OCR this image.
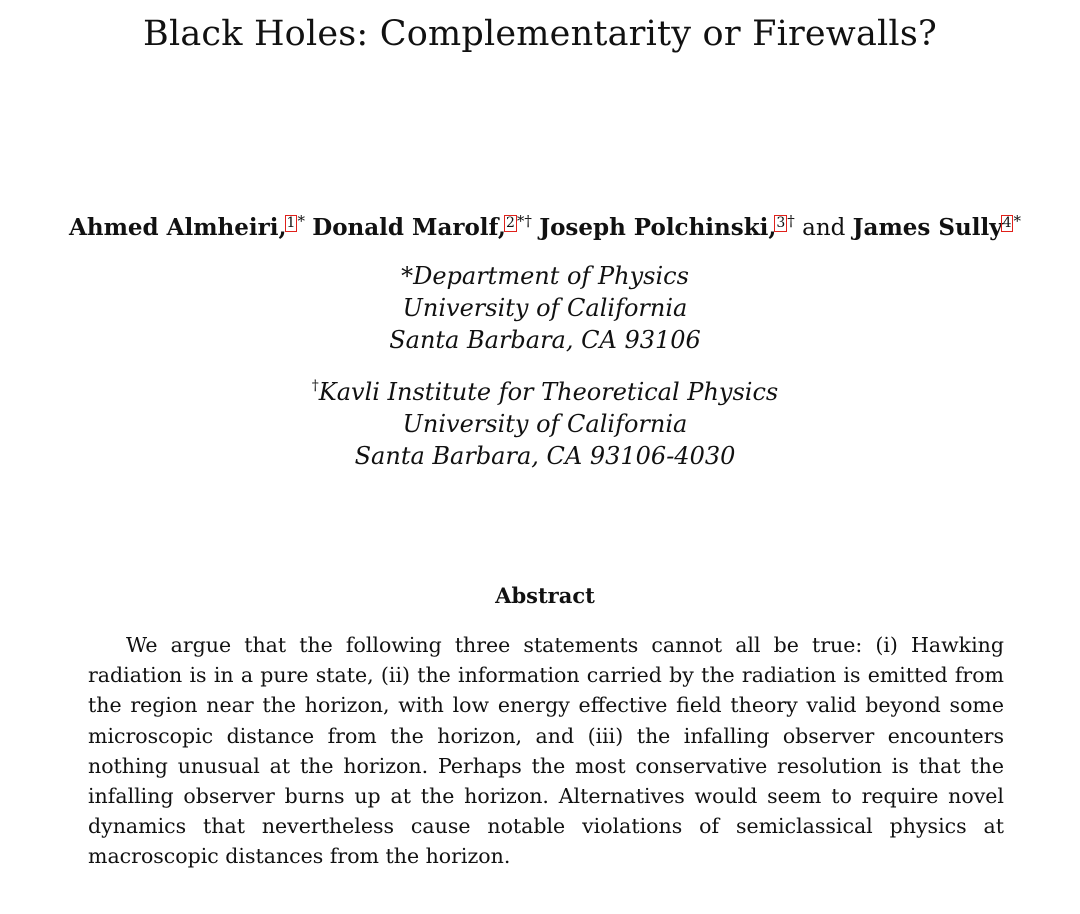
Black Holes: Complementarity or Firewalls?
Ahmed Almheiri,1 * Donald Marolf,2 *† Joseph Polchinski,3 † and James Sully4 *
*Department of Physics
University of California
Santa Barbara, CA 93106
†Kavli Institute for Theoretical Physics
University of California
Santa Barbara, CA 93106-4030
Abstract

We argue that the following three statements cannot all be true: (i) Hawking radiation is in a pure state, (ii) the information carried by the radiation is emitted from the region near the horizon, with low energy effective field theory valid beyond some microscopic distance from the horizon, and (iii) the infalling observer encounters nothing unusual at the horizon. Perhaps the most conservative resolution is that the infalling observer burns up at the horizon. Alternatives would seem to require novel dynamics that nevertheless cause notable violations of semiclassical physics at macroscopic distances from the horizon.
